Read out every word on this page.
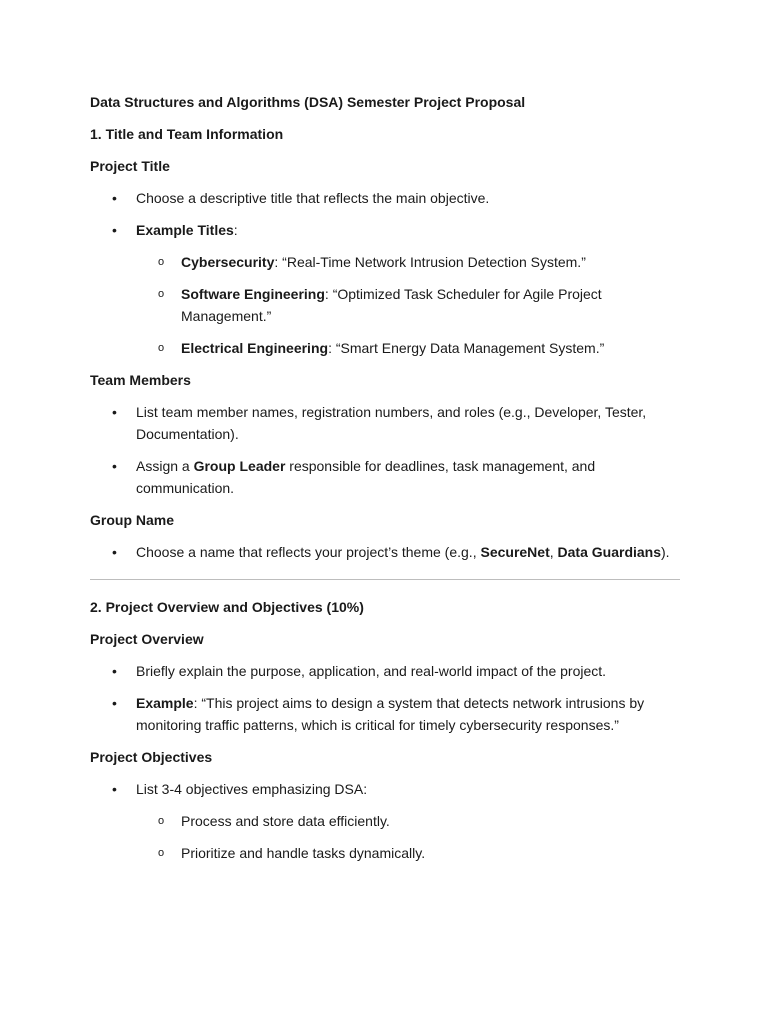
Data Structures and Algorithms (DSA) Semester Project Proposal

1. Title and Team Information

Project Title

• Choose a descriptive title that reflects the main objective.
• Example Titles:
o Cybersecurity: “Real-Time Network Intrusion Detection System.”
o Software Engineering: “Optimized Task Scheduler for Agile Project Management.”
o Electrical Engineering: “Smart Energy Data Management System.”

Team Members

• List team member names, registration numbers, and roles (e.g., Developer, Tester, Documentation).
• Assign a Group Leader responsible for deadlines, task management, and communication.

Group Name

• Choose a name that reflects your project’s theme (e.g., SecureNet, Data Guardians).

2. Project Overview and Objectives (10%)

Project Overview

• Briefly explain the purpose, application, and real-world impact of the project.
• Example: “This project aims to design a system that detects network intrusions by monitoring traffic patterns, which is critical for timely cybersecurity responses.”

Project Objectives

• List 3-4 objectives emphasizing DSA:
o Process and store data efficiently.
o Prioritize and handle tasks dynamically.
